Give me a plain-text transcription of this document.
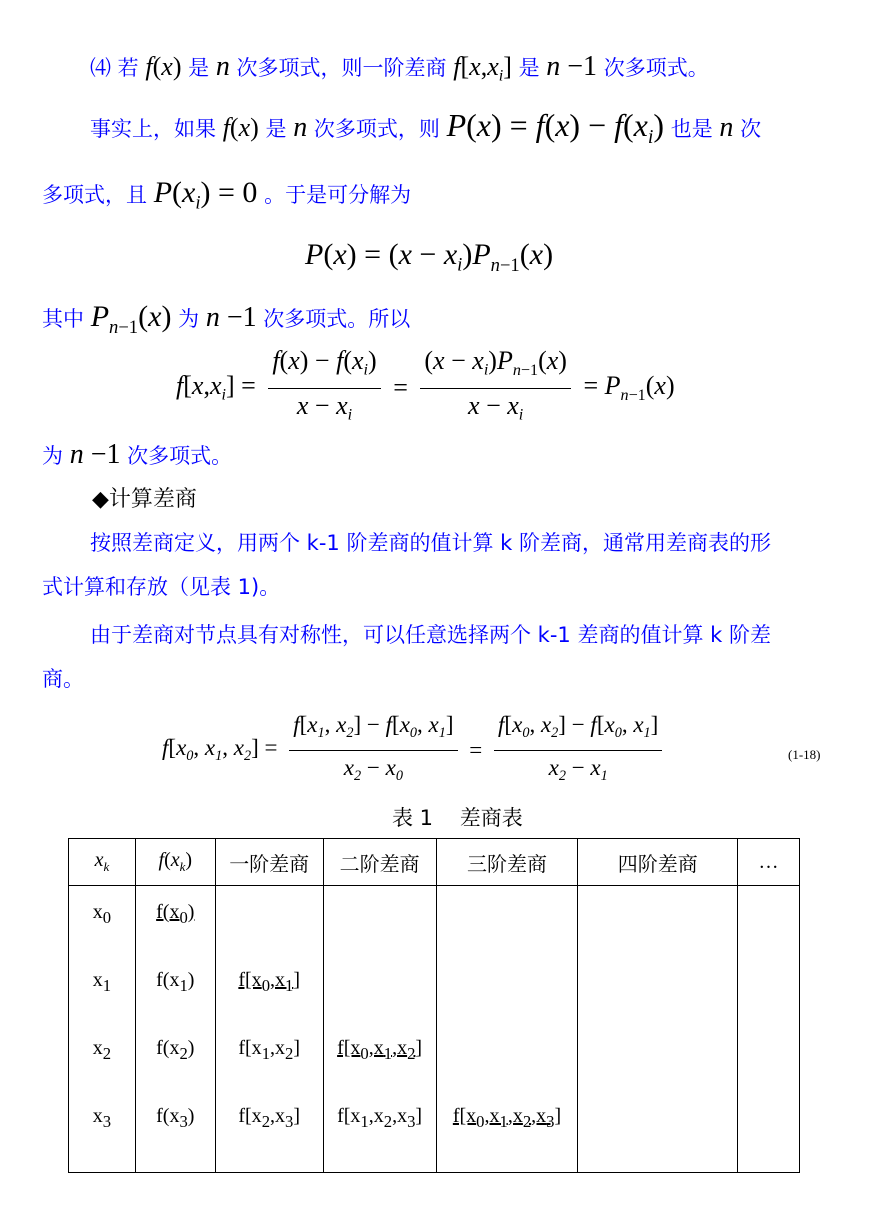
⑷ 若 f(x) 是 n 次多项式，则一阶差商 $f[x,x_i]$ 是 n −1 次多项式。
事实上，如果 f(x) 是 n 次多项式，则 $P(x) = f(x) - f(x_i)$ 也是 n 次
多项式，且 $P(x_i) = 0$ 。于是可分解为
$P(x) = (x - x_i)P_{n-1}(x)$
其中 $P_{n-1}(x)$ 为 n −1 次多项式。所以
$f[x,x_i] = \frac{f(x) - f(x_i)}{x - x_i} = \frac{(x - x_i)P_{n-1}(x)}{x - x_i} = P_{n-1}(x)$
为 n −1 次多项式。
◆计算差商
按照差商定义，用两个 k-1 阶差商的值计算 k 阶差商，通常用差商表的形
式计算和存放（见表 1)。
由于差商对节点具有对称性，可以任意选择两个 k-1 差商的值计算 k 阶差
商。
$f[x_0$, $x_1$, $x_2] = \frac{f[x_1, x_2] - f[x_0, x_1]}{x_2 - x_0} = \frac{f[x_0, x_2] - f[x_0, x_1]}{x_2 - x_1}$	(1-18)
表 1    差商表
$x_k$	$f(x_k)$	一阶差商	二阶差商	三阶差商	四阶差商	…

$x_0$	$f(x_0)$					

$x_1$	$f(x_1)$	$f[x_0,x_1]$				

$x_2$	$f(x_2)$	$f[x_1,x_2]$	$f[x_0,x_1,x_2]$			

$x_3$	$f(x_3)$	$f[x_2,x_3]$	$f[x_1,x_2,x_3]$	$f[x_0,x_1,x_2,x_3]$		
